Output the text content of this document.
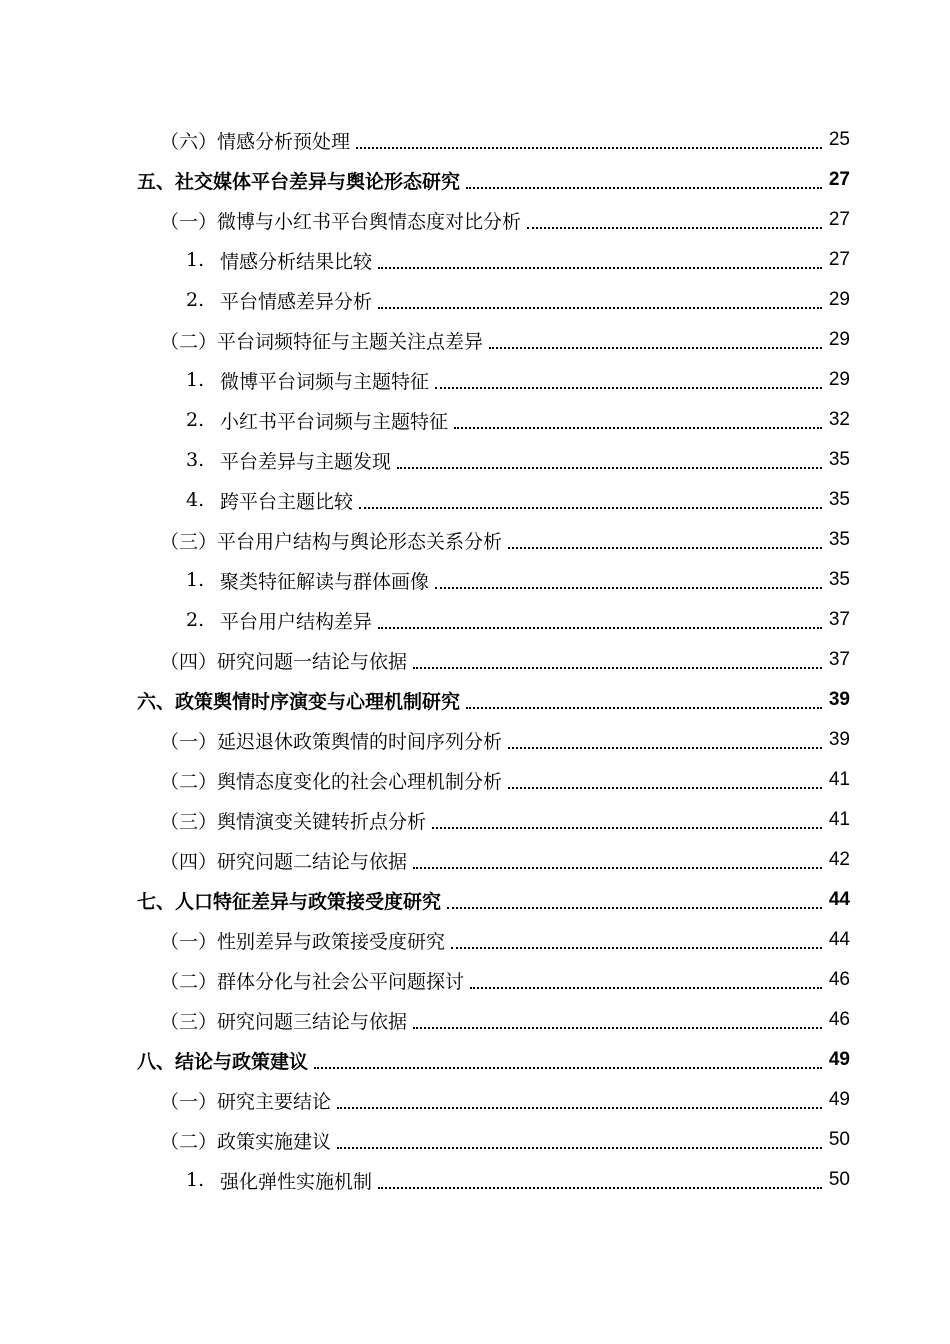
（六）情感分析预处理	25
五、社交媒体平台差异与舆论形态研究	27
（一）微博与小红书平台舆情态度对比分析	27
1. 情感分析结果比较	27
2. 平台情感差异分析	29
（二）平台词频特征与主题关注点差异	29
1. 微博平台词频与主题特征	29
2. 小红书平台词频与主题特征	32
3. 平台差异与主题发现	35
4. 跨平台主题比较	35
（三）平台用户结构与舆论形态关系分析	35
1. 聚类特征解读与群体画像	35
2. 平台用户结构差异	37
（四）研究问题一结论与依据	37
六、政策舆情时序演变与心理机制研究	39
（一）延迟退休政策舆情的时间序列分析	39
（二）舆情态度变化的社会心理机制分析	41
（三）舆情演变关键转折点分析	41
（四）研究问题二结论与依据	42
七、人口特征差异与政策接受度研究	44
（一）性别差异与政策接受度研究	44
（二）群体分化与社会公平问题探讨	46
（三）研究问题三结论与依据	46
八、结论与政策建议	49
（一）研究主要结论	49
（二）政策实施建议	50
1. 强化弹性实施机制	50
